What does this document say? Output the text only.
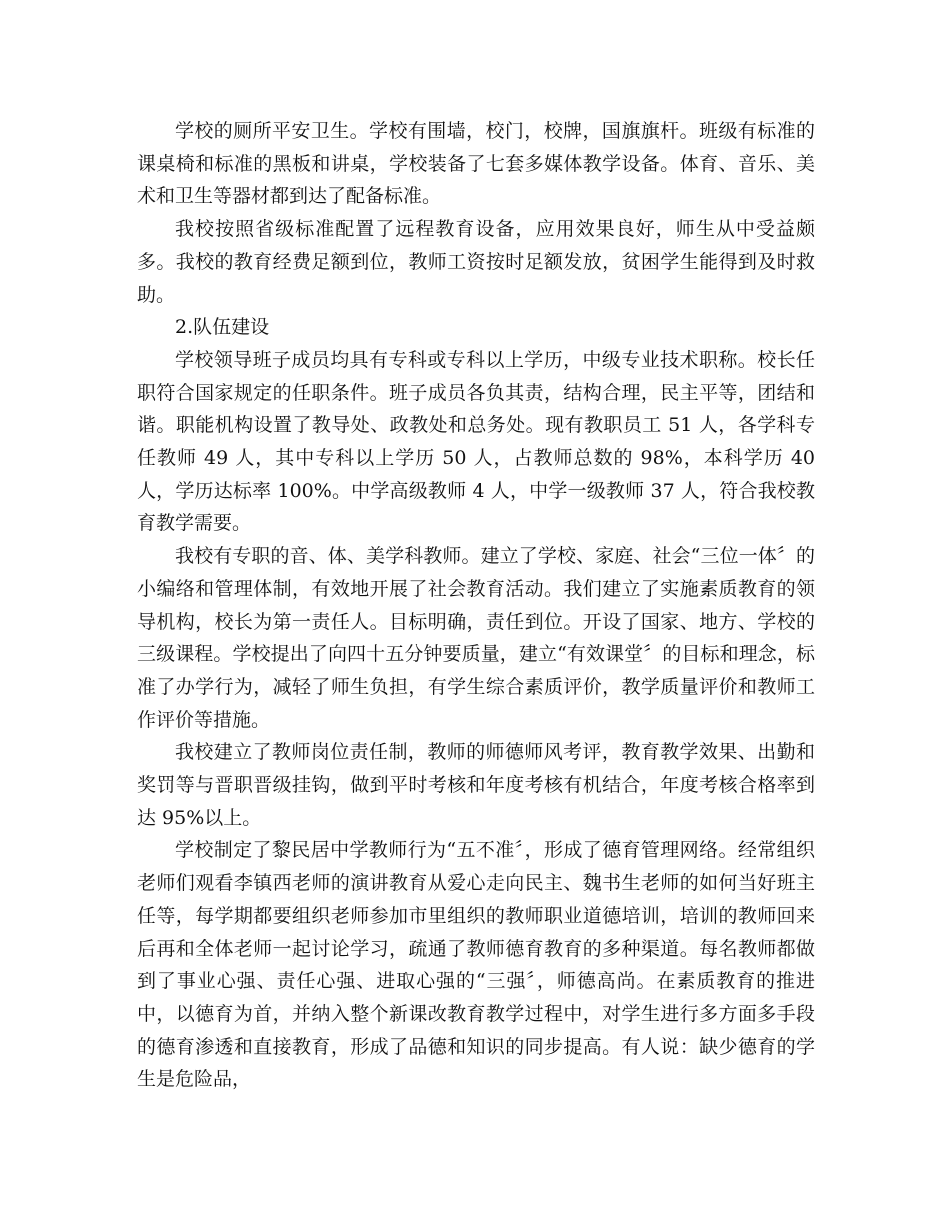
学校的厕所平安卫生。学校有围墙，校门，校牌，国旗旗杆。班级有标准的课桌椅和标准的黑板和讲桌，学校装备了七套多媒体教学设备。体育、音乐、美术和卫生等器材都到达了配备标准。

我校按照省级标准配置了远程教育设备，应用效果良好，师生从中受益颇多。我校的教育经费足额到位，教师工资按时足额发放，贫困学生能得到及时救助。

2.队伍建设

学校领导班子成员均具有专科或专科以上学历，中级专业技术职称。校长任职符合国家规定的任职条件。班子成员各负其责，结构合理，民主平等，团结和谐。职能机构设置了教导处、政教处和总务处。现有教职员工 51 人，各学科专任教师 49 人，其中专科以上学历 50 人，占教师总数的 98%，本科学历 40 人，学历达标率 100%。中学高级教师 4 人，中学一级教师 37 人，符合我校教育教学需要。

我校有专职的音、体、美学科教师。建立了学校、家庭、社会“三位一体〞的小编络和管理体制，有效地开展了社会教育活动。我们建立了实施素质教育的领导机构，校长为第一责任人。目标明确，责任到位。开设了国家、地方、学校的三级课程。学校提出了向四十五分钟要质量，建立“有效课堂〞的目标和理念，标准了办学行为，减轻了师生负担，有学生综合素质评价，教学质量评价和教师工作评价等措施。

我校建立了教师岗位责任制，教师的师德师风考评，教育教学效果、出勤和奖罚等与晋职晋级挂钩，做到平时考核和年度考核有机结合，年度考核合格率到达 95%以上。

学校制定了黎民居中学教师行为“五不准〞，形成了德育管理网络。经常组织老师们观看李镇西老师的演讲教育从爱心走向民主、魏书生老师的如何当好班主任等，每学期都要组织老师参加市里组织的教师职业道德培训，培训的教师回来后再和全体老师一起讨论学习，疏通了教师德育教育的多种渠道。每名教师都做到了事业心强、责任心强、进取心强的“三强〞，师德高尚。在素质教育的推进中，以德育为首，并纳入整个新课改教育教学过程中，对学生进行多方面多手段的德育渗透和直接教育，形成了品德和知识的同步提高。有人说：缺少德育的学生是危险品，
